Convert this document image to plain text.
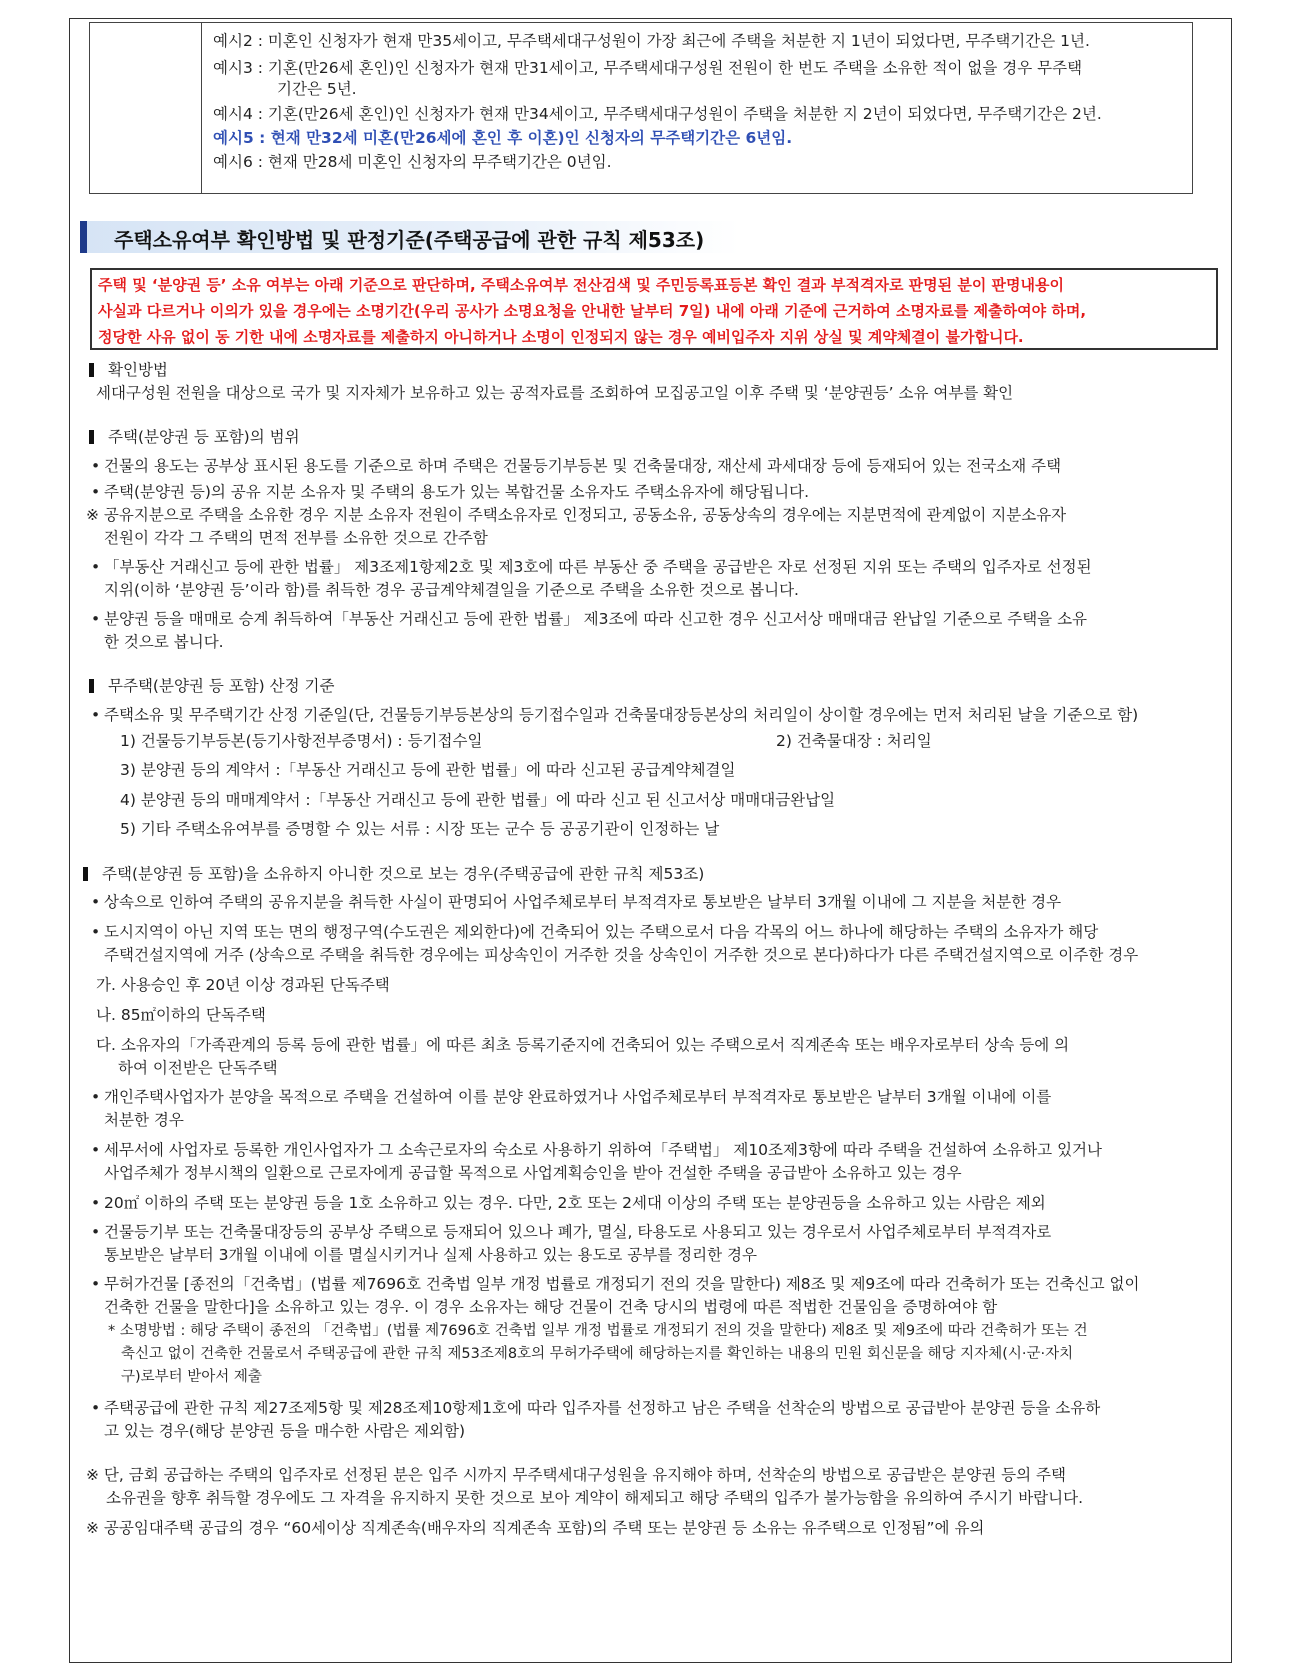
예시2 : 미혼인 신청자가 현재 만35세이고, 무주택세대구성원이 가장 최근에 주택을 처분한 지 1년이 되었다면, 무주택기간은 1년.
예시3 : 기혼(만26세 혼인)인 신청자가 현재 만31세이고, 무주택세대구성원 전원이 한 번도 주택을 소유한 적이 없을 경우 무주택
기간은 5년.
예시4 : 기혼(만26세 혼인)인 신청자가 현재 만34세이고, 무주택세대구성원이 주택을 처분한 지 2년이 되었다면, 무주택기간은 2년.
예시5 : 현재 만32세 미혼(만26세에 혼인 후 이혼)인 신청자의 무주택기간은 6년임.
예시6 : 현재 만28세 미혼인 신청자의 무주택기간은 0년임.
주택소유여부 확인방법 및 판정기준(주택공급에 관한 규칙 제53조)
주택 및 ‘분양권 등’ 소유 여부는 아래 기준으로 판단하며, 주택소유여부 전산검색 및 주민등록표등본 확인 결과 부적격자로 판명된 분이 판명내용이
사실과 다르거나 이의가 있을 경우에는 소명기간(우리 공사가 소명요청을 안내한 날부터 7일) 내에 아래 기준에 근거하여 소명자료를 제출하여야 하며,
정당한 사유 없이 동 기한 내에 소명자료를 제출하지 아니하거나 소명이 인정되지 않는 경우 예비입주자 지위 상실 및 계약체결이 불가합니다.
확인방법
세대구성원 전원을 대상으로 국가 및 지자체가 보유하고 있는 공적자료를 조회하여 모집공고일 이후 주택 및 ‘분양권등’ 소유 여부를 확인
주택(분양권 등 포함)의 범위
• 건물의 용도는 공부상 표시된 용도를 기준으로 하며 주택은 건물등기부등본 및 건축물대장, 재산세 과세대장 등에 등재되어 있는 전국소재 주택
• 주택(분양권 등)의 공유 지분 소유자 및 주택의 용도가 있는 복합건물 소유자도 주택소유자에 해당됩니다.
※ 공유지분으로 주택을 소유한 경우 지분 소유자 전원이 주택소유자로 인정되고, 공동소유, 공동상속의 경우에는 지분면적에 관계없이 지분소유자
전원이 각각 그 주택의 면적 전부를 소유한 것으로 간주함
• 「부동산 거래신고 등에 관한 법률」 제3조제1항제2호 및 제3호에 따른 부동산 중 주택을 공급받은 자로 선정된 지위 또는 주택의 입주자로 선정된
지위(이하 ‘분양권 등’이라 함)를 취득한 경우 공급계약체결일을 기준으로 주택을 소유한 것으로 봅니다.
• 분양권 등을 매매로 승계 취득하여「부동산 거래신고 등에 관한 법률」 제3조에 따라 신고한 경우 신고서상 매매대금 완납일 기준으로 주택을 소유
한 것으로 봅니다.
무주택(분양권 등 포함) 산정 기준
• 주택소유 및 무주택기간 산정 기준일(단, 건물등기부등본상의 등기접수일과 건축물대장등본상의 처리일이 상이할 경우에는 먼저 처리된 날을 기준으로 함)
1) 건물등기부등본(등기사항전부증명서) : 등기접수일	2) 건축물대장 : 처리일
3) 분양권 등의 계약서 :「부동산 거래신고 등에 관한 법률」에 따라 신고된 공급계약체결일
4) 분양권 등의 매매계약서 :「부동산 거래신고 등에 관한 법률」에 따라 신고 된 신고서상 매매대금완납일
5) 기타 주택소유여부를 증명할 수 있는 서류 : 시장 또는 군수 등 공공기관이 인정하는 날
주택(분양권 등 포함)을 소유하지 아니한 것으로 보는 경우(주택공급에 관한 규칙 제53조)
• 상속으로 인하여 주택의 공유지분을 취득한 사실이 판명되어 사업주체로부터 부적격자로 통보받은 날부터 3개월 이내에 그 지분을 처분한 경우
• 도시지역이 아닌 지역 또는 면의 행정구역(수도권은 제외한다)에 건축되어 있는 주택으로서 다음 각목의 어느 하나에 해당하는 주택의 소유자가 해당
주택건설지역에 거주 (상속으로 주택을 취득한 경우에는 피상속인이 거주한 것을 상속인이 거주한 것으로 본다)하다가 다른 주택건설지역으로 이주한 경우
가. 사용승인 후 20년 이상 경과된 단독주택
나. 85㎡이하의 단독주택
다. 소유자의「가족관계의 등록 등에 관한 법률」에 따른 최초 등록기준지에 건축되어 있는 주택으로서 직계존속 또는 배우자로부터 상속 등에 의
하여 이전받은 단독주택
• 개인주택사업자가 분양을 목적으로 주택을 건설하여 이를 분양 완료하였거나 사업주체로부터 부적격자로 통보받은 날부터 3개월 이내에 이를
처분한 경우
• 세무서에 사업자로 등록한 개인사업자가 그 소속근로자의 숙소로 사용하기 위하여「주택법」 제10조제3항에 따라 주택을 건설하여 소유하고 있거나
사업주체가 정부시책의 일환으로 근로자에게 공급할 목적으로 사업계획승인을 받아 건설한 주택을 공급받아 소유하고 있는 경우
• 20㎡ 이하의 주택 또는 분양권 등을 1호 소유하고 있는 경우. 다만, 2호 또는 2세대 이상의 주택 또는 분양권등을 소유하고 있는 사람은 제외
• 건물등기부 또는 건축물대장등의 공부상 주택으로 등재되어 있으나 폐가, 멸실, 타용도로 사용되고 있는 경우로서 사업주체로부터 부적격자로
통보받은 날부터 3개월 이내에 이를 멸실시키거나 실제 사용하고 있는 용도로 공부를 정리한 경우
• 무허가건물 [종전의「건축법」(법률 제7696호 건축법 일부 개정 법률로 개정되기 전의 것을 말한다) 제8조 및 제9조에 따라 건축허가 또는 건축신고 없이
건축한 건물을 말한다]을 소유하고 있는 경우. 이 경우 소유자는 해당 건물이 건축 당시의 법령에 따른 적법한 건물임을 증명하여야 함
* 소명방법 : 해당 주택이 종전의 「건축법」(법률 제7696호 건축법 일부 개정 법률로 개정되기 전의 것을 말한다) 제8조 및 제9조에 따라 건축허가 또는 건
축신고 없이 건축한 건물로서 주택공급에 관한 규칙 제53조제8호의 무허가주택에 해당하는지를 확인하는 내용의 민원 회신문을 해당 지자체(시·군·자치
구)로부터 받아서 제출
• 주택공급에 관한 규칙 제27조제5항 및 제28조제10항제1호에 따라 입주자를 선정하고 남은 주택을 선착순의 방법으로 공급받아 분양권 등을 소유하
고 있는 경우(해당 분양권 등을 매수한 사람은 제외함)
※ 단, 금회 공급하는 주택의 입주자로 선정된 분은 입주 시까지 무주택세대구성원을 유지해야 하며, 선착순의 방법으로 공급받은 분양권 등의 주택
소유권을 향후 취득할 경우에도 그 자격을 유지하지 못한 것으로 보아 계약이 해제되고 해당 주택의 입주가 불가능함을 유의하여 주시기 바랍니다.
※ 공공임대주택 공급의 경우 “60세이상 직계존속(배우자의 직계존속 포함)의 주택 또는 분양권 등 소유는 유주택으로 인정됨”에 유의
